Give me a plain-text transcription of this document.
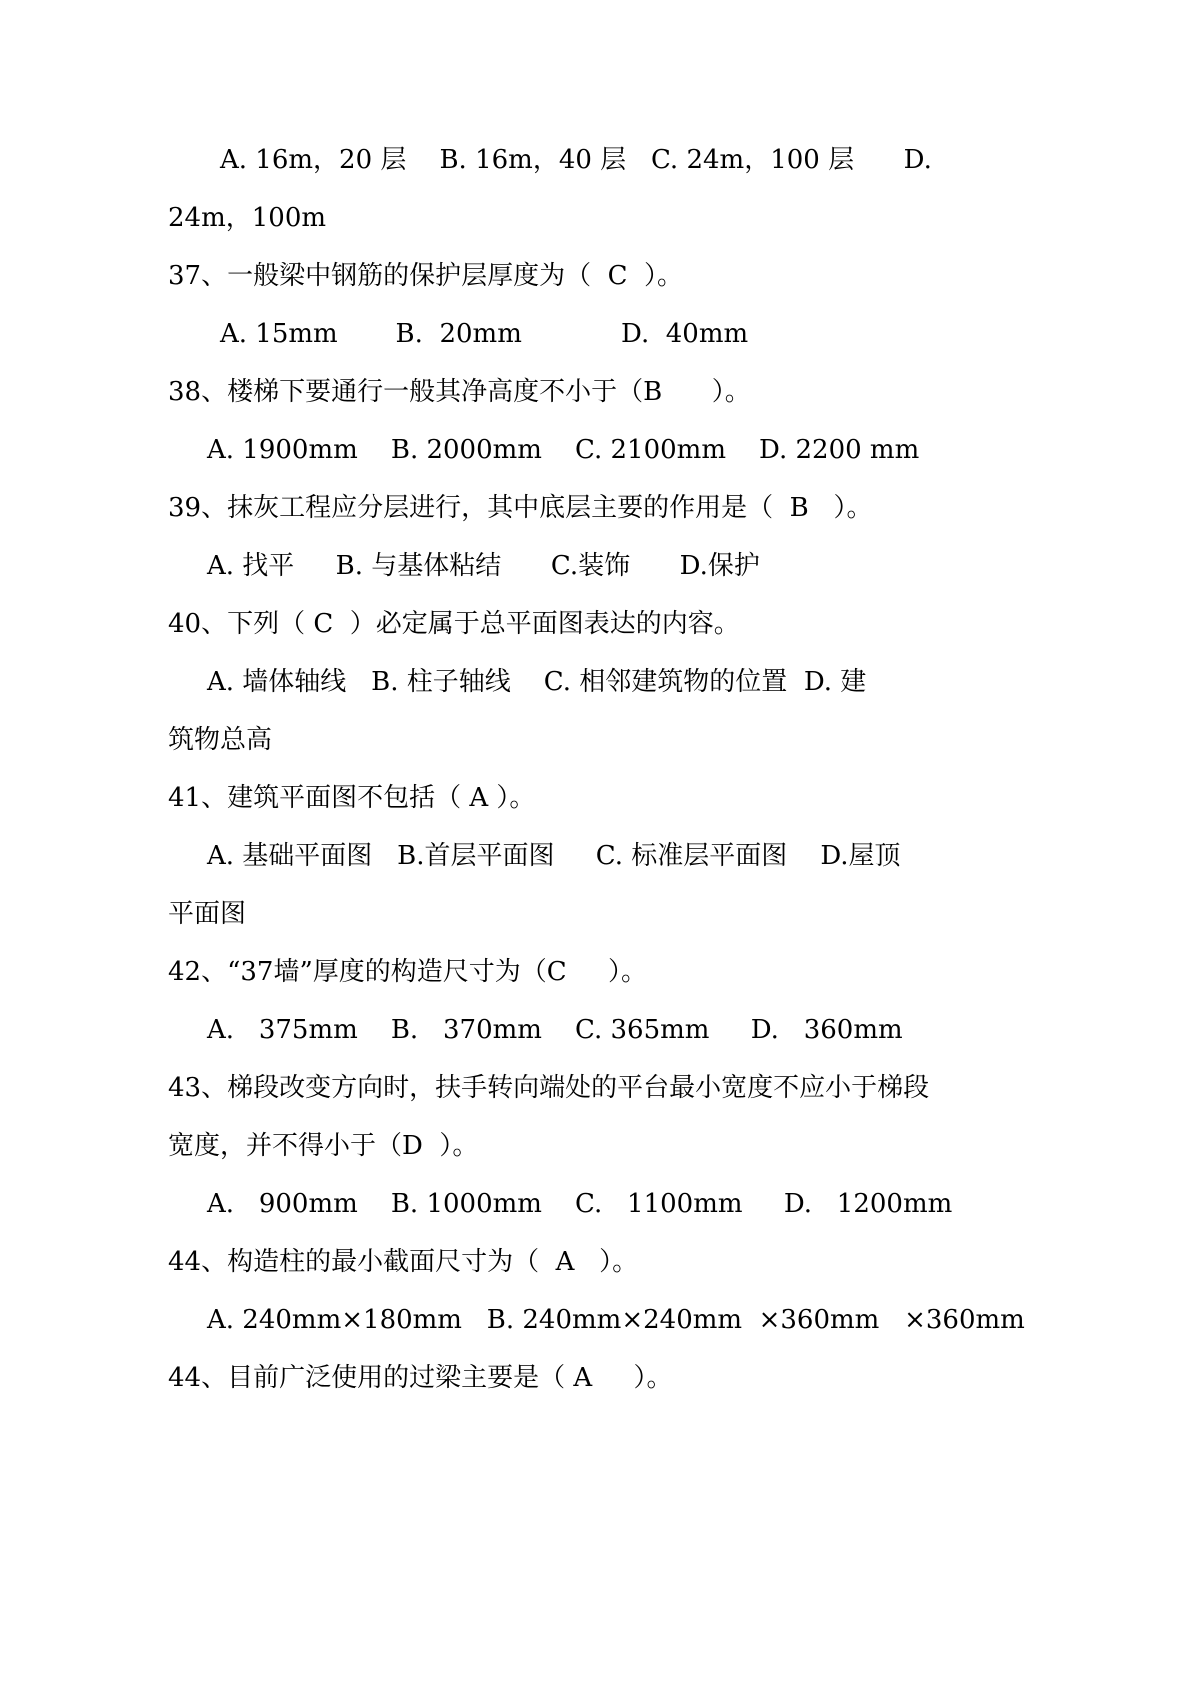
A. 16m，20 层    B. 16m，40 层   C. 24m，100 层      D.
24m，100m
37、一般梁中钢筋的保护层厚度为（  C  ）。
A. 15mm       B.  20mm            D.  40mm
38、楼梯下要通行一般其净高度不小于（B      ）。
A. 1900mm    B. 2000mm    C. 2100mm    D. 2200 mm
39、抹灰工程应分层进行，其中底层主要的作用是（  B   ）。
A. 找平     B. 与基体粘结      C.装饰      D.保护
40、下列（ C  ）必定属于总平面图表达的内容。
A. 墙体轴线   B. 柱子轴线    C. 相邻建筑物的位置  D. 建
筑物总高
41、建筑平面图不包括（ A ）。
A. 基础平面图   B.首层平面图     C. 标准层平面图    D.屋顶
平面图
42、“37墙”厚度的构造尺寸为（C     ）。
A.   375mm    B.   370mm    C. 365mm     D.   360mm
43、梯段改变方向时，扶手转向端处的平台最小宽度不应小于梯段
宽度，并不得小于（D  ）。
A.   900mm    B. 1000mm    C.   1100mm     D.   1200mm
44、构造柱的最小截面尺寸为（  A   ）。
A. 240mm×180mm   B. 240mm×240mm  ×360mm   ×360mm
44、目前广泛使用的过梁主要是（ A     ）。
